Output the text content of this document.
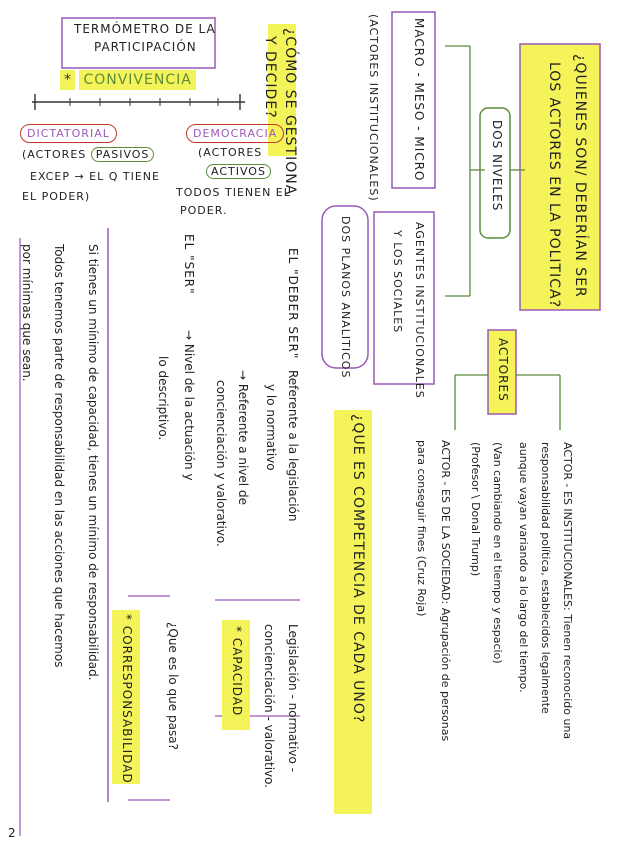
TERMÓMETRO DE LA
PARTICIPACIÓN
* CONVIVENCIA
DICTATORIAL
(ACTORES PASIVOS
EXCEP → EL Q TIENE
EL PODER)
DEMOCRACIA
(ACTORES
ACTIVOS
TODOS TIENEN EL
PODER.
¿CÓMO SE GESTIONA
Y DECIDE?	MACRO - MESO - MICRO
(ACTORES INSTITUCIONALES)	¿QUIENES SON/ DEBERÍAN SER
LOS ACTORES EN LA POLITICA?
DOS NIVELES
AGENTES INSTITUCIONALES
Y LOS SOCIALES
DOS PLANOS ANALITICOS	ACTORES
EL "DEBER SER"
Referente a la legislación
y lo normativo
→ Referente a nivel de
concienciación y valorativo.
EL "SER"
→ Nivel de la actuación y
lo descriptivo.
¿QUE ES COMPETENCIA DE CADA UNO?
Legislación - normativo -
concienciación - valorativo.
* CAPACIDAD
¿Que es lo que pasa?
* CORRESPONSABILIDAD
Si tienes un mínimo de capacidad, tienes un mínimo de responsabilidad.
Todos tenemos parte de responsabilidad en las acciones que hacemos
por mínimas que sean.
ACTOR - ES INSTITUCIONALES: Tienen reconocido una
responsabilidad política, establecidos legalmente
aunque vayan variando a lo largo del tiempo.
(Van cambiando en el tiempo y espacio)
(Profesor \ Donal Trump)
ACTOR - ES DE LA SOCIEDAD: Agrupación de personas
para conseguir fines (Cruz Roja)
2
